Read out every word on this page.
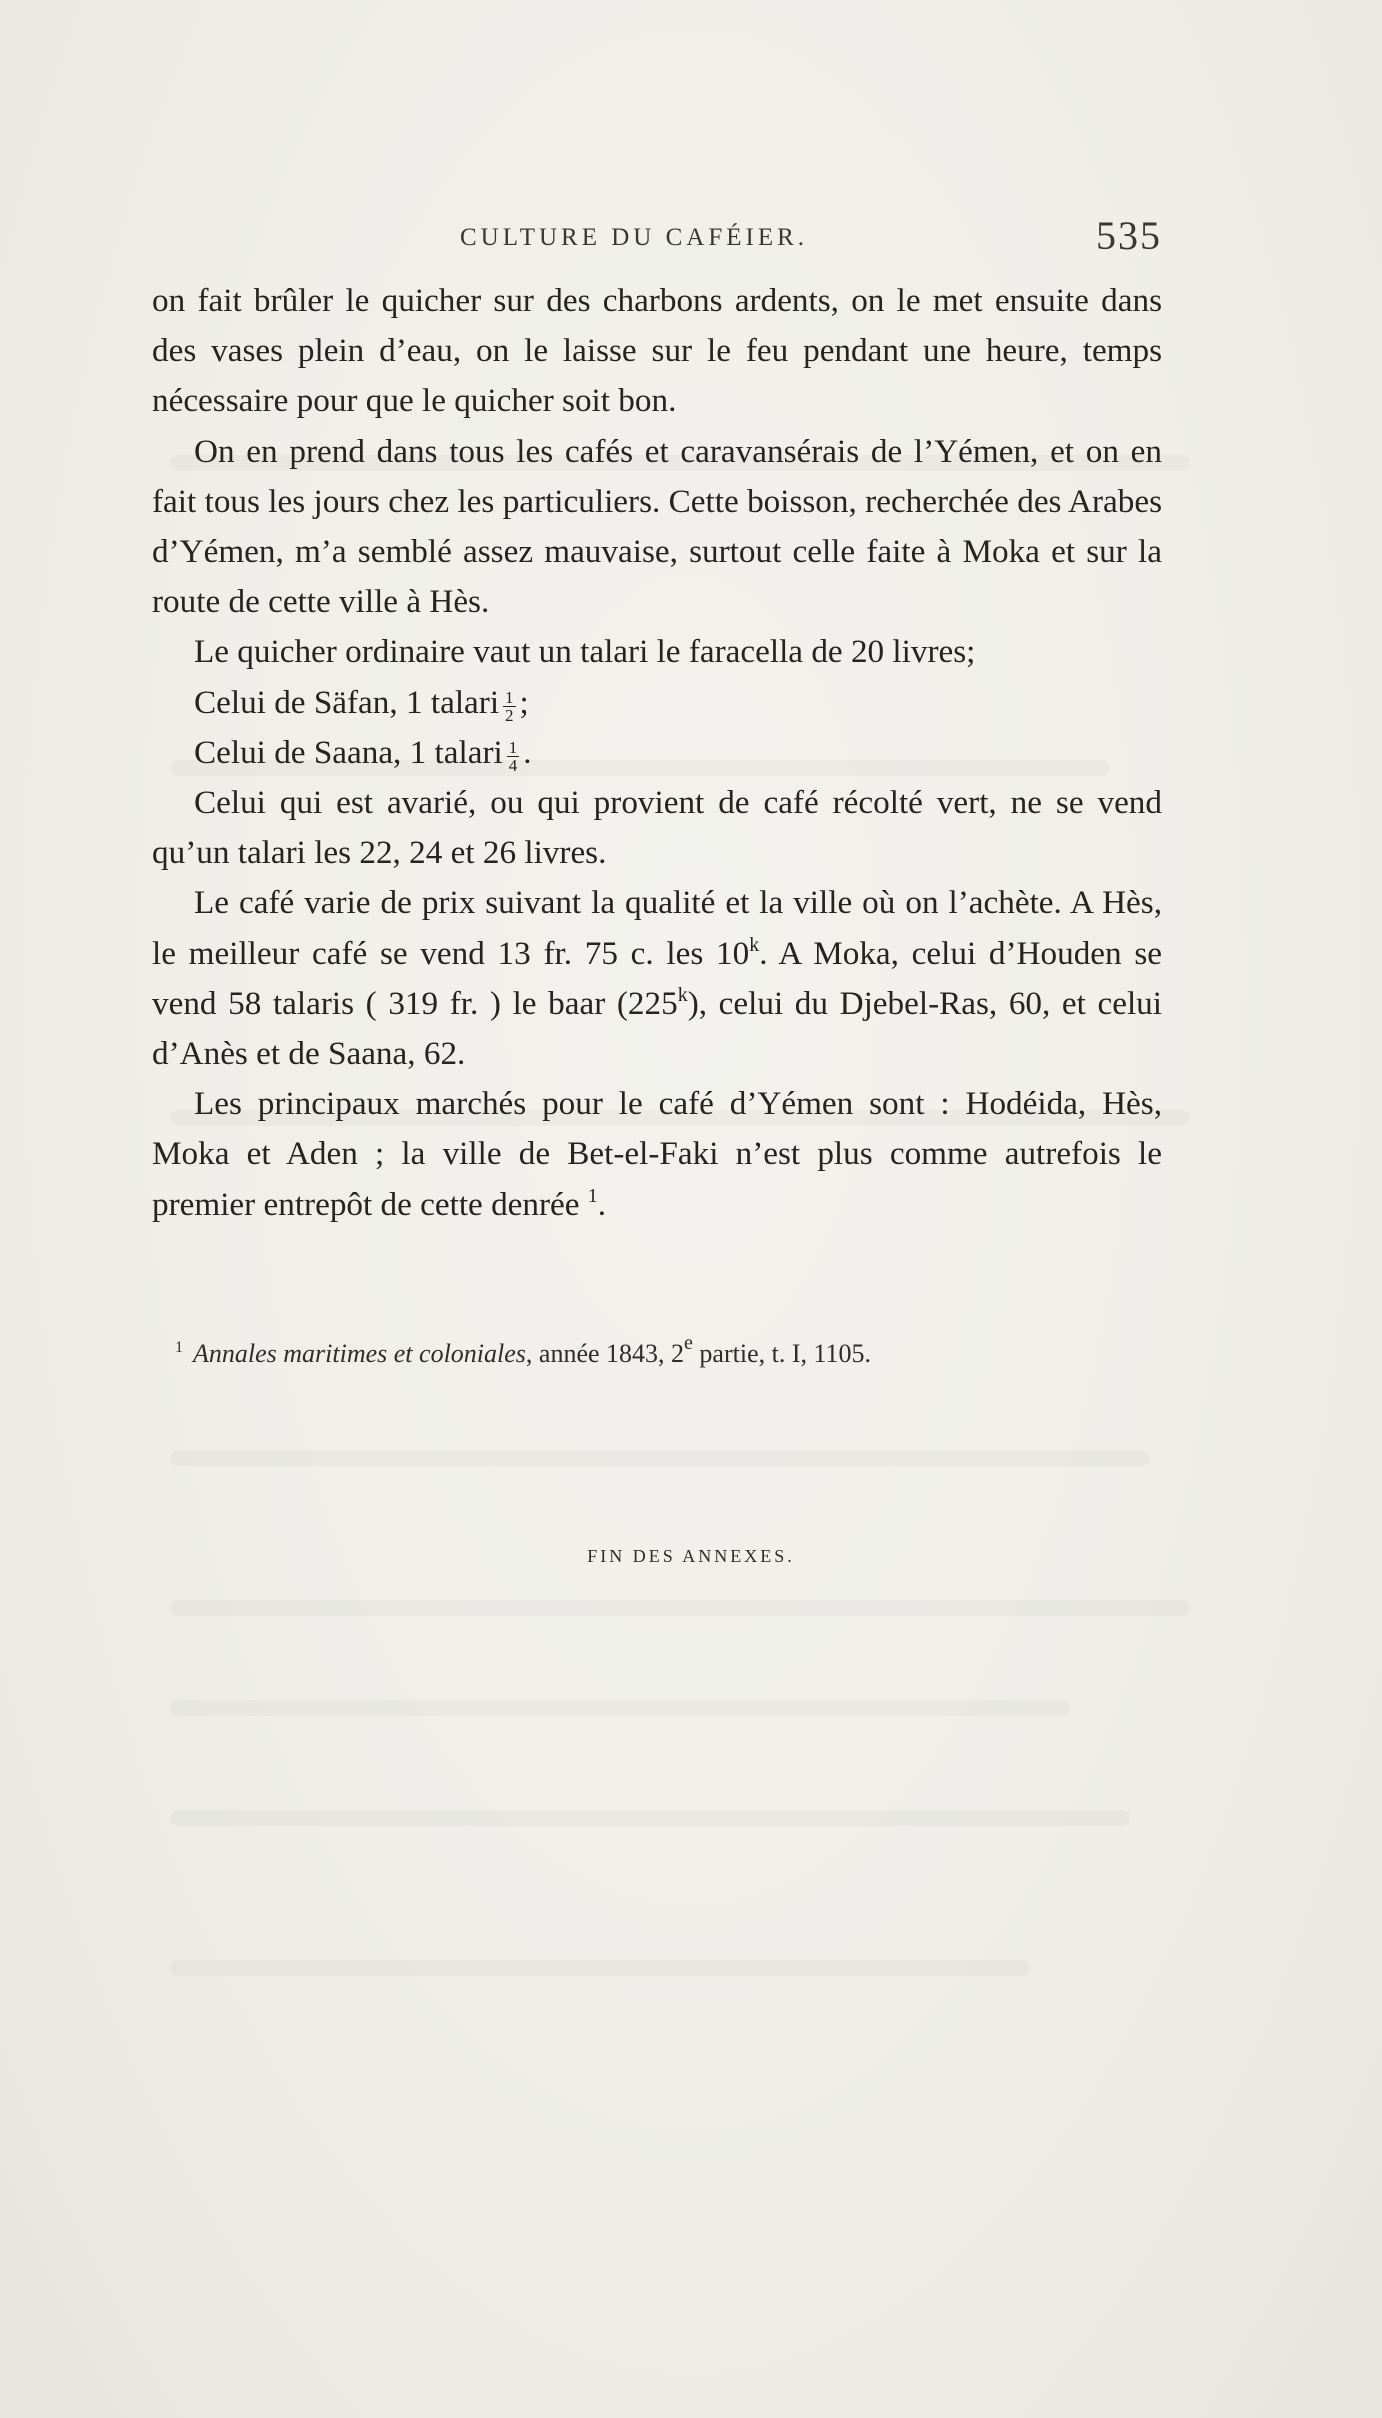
CULTURE DU CAFÉIER.	535

on fait brûler le quicher sur des charbons ardents, on le met ensuite dans des vases plein d’eau, on le laisse sur le feu pendant une heure, temps nécessaire pour que le quicher soit bon.

On en prend dans tous les cafés et caravansérais de l’Yémen, et on en fait tous les jours chez les particuliers. Cette boisson, recherchée des Arabes d’Yémen, m’a semblé assez mauvaise, surtout celle faite à Moka et sur la route de cette ville à Hès.

Le quicher ordinaire vaut un talari le faracella de 20 livres;

Celui de Säfan, 1 talari $\frac{1}{2}$ ;

Celui de Saana, 1 talari $\frac{1}{4}$ .

Celui qui est avarié, ou qui provient de café récolté vert, ne se vend qu’un talari les 22, 24 et 26 livres.

Le café varie de prix suivant la qualité et la ville où on l’achète. A Hès, le meilleur café se vend 13 fr. 75 c. les 10$^k$. A Moka, celui d’Houden se vend 58 talaris ( 319 fr. ) le baar (225$^k$), celui du Djebel-Ras, 60, et celui d’Anès et de Saana, 62.

Les principaux marchés pour le café d’Yémen sont : Hodéida, Hès, Moka et Aden ; la ville de Bet-el-Faki n’est plus comme autrefois le premier entrepôt de cette denrée $^1$.

$^1$ Annales maritimes et coloniales, année 1843, 2e partie, t. I, 1105.
FIN DES ANNEXES.
